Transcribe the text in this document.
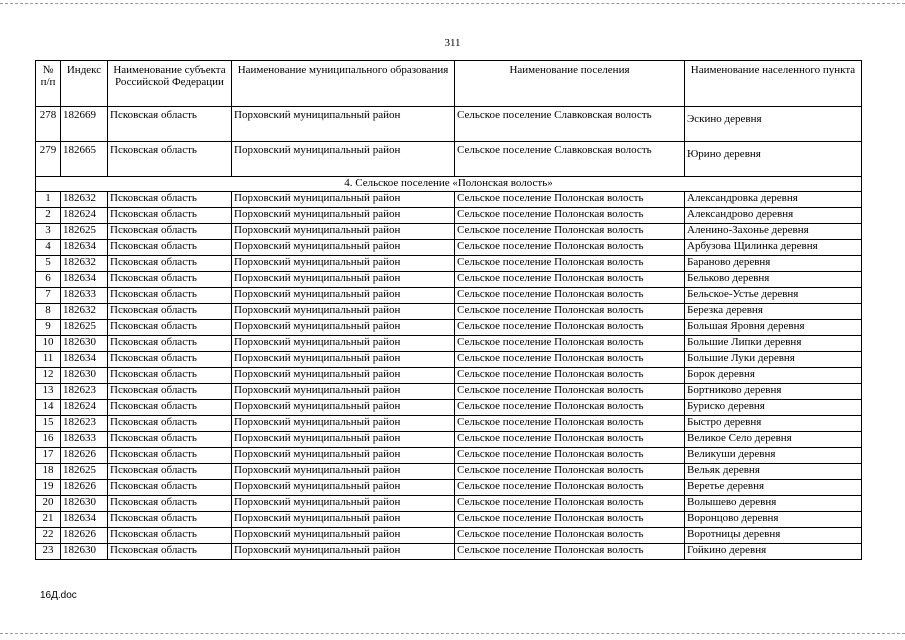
311
№ п/п	Индекс	Наименование субъекта Российской Федерации	Наименование муниципального образования	Наименование поселения	Наименование населенного пункта
278	182669	Псковская область	Порховский муниципальный район	Сельское поселение Славковская волость	Эскино деревня
279	182665	Псковская область	Порховский муниципальный район	Сельское поселение Славковская волость	Юрино деревня
4. Сельское поселение «Полонская волость»					
1	182632	Псковская область	Порховский муниципальный район	Сельское поселение Полонская волость	Александровка деревня
2	182624	Псковская область	Порховский муниципальный район	Сельское поселение Полонская волость	Александрово деревня
3	182625	Псковская область	Порховский муниципальный район	Сельское поселение Полонская волость	Аленино-Захонье деревня
4	182634	Псковская область	Порховский муниципальный район	Сельское поселение Полонская волость	Арбузова Щилинка деревня
5	182632	Псковская область	Порховский муниципальный район	Сельское поселение Полонская волость	Бараново деревня
6	182634	Псковская область	Порховский муниципальный район	Сельское поселение Полонская волость	Бельково деревня
7	182633	Псковская область	Порховский муниципальный район	Сельское поселение Полонская волость	Бельское-Устье деревня
8	182632	Псковская область	Порховский муниципальный район	Сельское поселение Полонская волость	Березка деревня
9	182625	Псковская область	Порховский муниципальный район	Сельское поселение Полонская волость	Большая Яровня деревня
10	182630	Псковская область	Порховский муниципальный район	Сельское поселение Полонская волость	Большие Липки деревня
11	182634	Псковская область	Порховский муниципальный район	Сельское поселение Полонская волость	Большие Луки деревня
12	182630	Псковская область	Порховский муниципальный район	Сельское поселение Полонская волость	Борок деревня
13	182623	Псковская область	Порховский муниципальный район	Сельское поселение Полонская волость	Бортниково деревня
14	182624	Псковская область	Порховский муниципальный район	Сельское поселение Полонская волость	Буриско деревня
15	182623	Псковская область	Порховский муниципальный район	Сельское поселение Полонская волость	Быстро деревня
16	182633	Псковская область	Порховский муниципальный район	Сельское поселение Полонская волость	Великое Село деревня
17	182626	Псковская область	Порховский муниципальный район	Сельское поселение Полонская волость	Великуши деревня
18	182625	Псковская область	Порховский муниципальный район	Сельское поселение Полонская волость	Вельяк деревня
19	182626	Псковская область	Порховский муниципальный район	Сельское поселение Полонская волость	Веретье деревня
20	182630	Псковская область	Порховский муниципальный район	Сельское поселение Полонская волость	Волышево деревня
21	182634	Псковская область	Порховский муниципальный район	Сельское поселение Полонская волость	Воронцово деревня
22	182626	Псковская область	Порховский муниципальный район	Сельское поселение Полонская волость	Воротницы деревня
23	182630	Псковская область	Порховский муниципальный район	Сельское поселение Полонская волость	Гойкино деревня
16Д.doc
